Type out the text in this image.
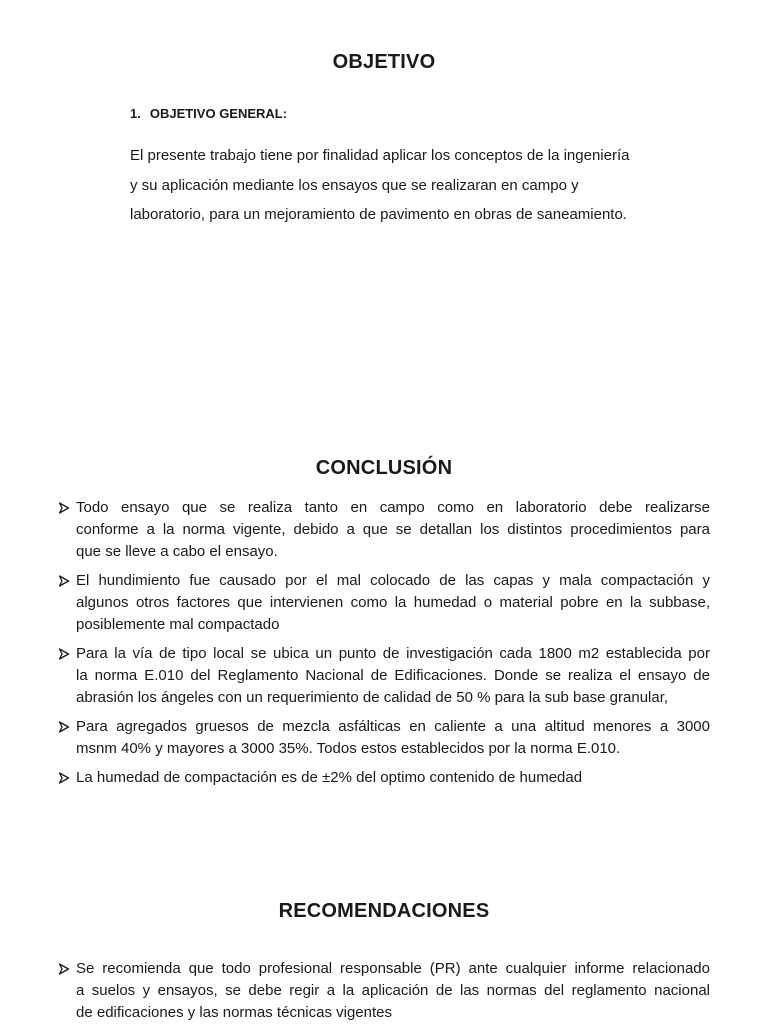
OBJETIVO
1. OBJETIVO GENERAL:

El presente trabajo tiene por finalidad aplicar los conceptos de la ingeniería
y su aplicación mediante los ensayos que se realizaran en campo y
laboratorio, para un mejoramiento de pavimento en obras de saneamiento.

CONCLUSIÓN
Todo ensayo que se realiza tanto en campo como en laboratorio debe realizarse
conforme a la norma vigente, debido a que se detallan los distintos procedimientos para
que se lleve a cabo el ensayo.
El hundimiento fue causado por el mal colocado de las capas y mala compactación y
algunos otros factores que intervienen como la humedad o material pobre en la subbase,
posiblemente mal compactado
Para la vía de tipo local se ubica un punto de investigación cada 1800 m2 establecida por
la norma E.010 del Reglamento Nacional de Edificaciones. Donde se realiza el ensayo de
abrasión los ángeles con un requerimiento de calidad de 50 % para la sub base granular,
Para agregados gruesos de mezcla asfálticas en caliente a una altitud menores a 3000
msnm 40% y mayores a 3000 35%. Todos estos establecidos por la norma E.010.
La humedad de compactación es de ±2% del optimo contenido de humedad
RECOMENDACIONES
Se recomienda que todo profesional responsable (PR) ante cualquier informe relacionado
a suelos y ensayos, se debe regir a la aplicación de las normas del reglamento nacional
de edificaciones y las normas técnicas vigentes
